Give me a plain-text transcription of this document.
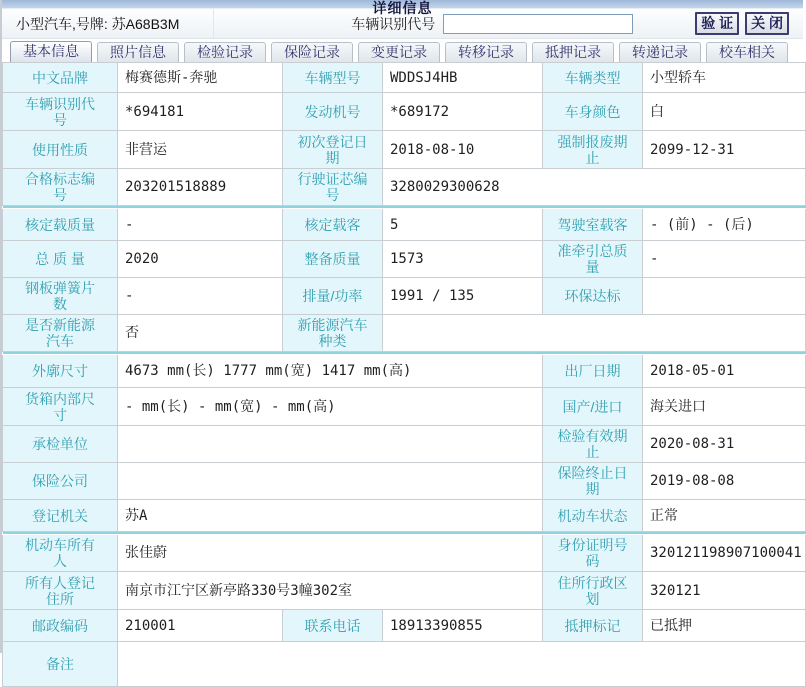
详细信息
小型汽车,号牌: 苏A68B3M	车辆识别代号	验 证	关 闭
基本信息	照片信息	检验记录	保险记录	变更记录	转移记录	抵押记录	转递记录	校车相关
中文品牌	梅赛德斯-奔驰	车辆型号	WDDSJ4HB	车辆类型	小型轿车
车辆识别代号	*694181	发动机号	*689172	车身颜色	白
使用性质	非营运	初次登记日期	2018-08-10	强制报废期止	2099-12-31
合格标志编号	203201518889	行驶证芯编号	3280029300628		

核定载质量	-	核定载客	5	驾驶室载客	- (前) - (后)
总 质 量	2020	整备质量	1573	准牵引总质量	-
钢板弹簧片数	-	排量/功率	1991 / 135	环保达标	
是否新能源汽车	否	新能源汽车种类			

外廓尺寸	4673 mm(长) 1777 mm(宽) 1417 mm(高)			出厂日期	2018-05-01
货箱内部尺寸	- mm(长) - mm(宽) - mm(高)			国产/进口	海关进口
承检单位				检验有效期止	2020-08-31
保险公司				保险终止日期	2019-08-08
登记机关	苏A			机动车状态	正常

机动车所有人	张佳蔚			身份证明号码	320121198907100041
所有人登记住所	南京市江宁区新亭路330号3幢302室			住所行政区划	320121
邮政编码	210001	联系电话	18913390855	抵押标记	已抵押
备注					
